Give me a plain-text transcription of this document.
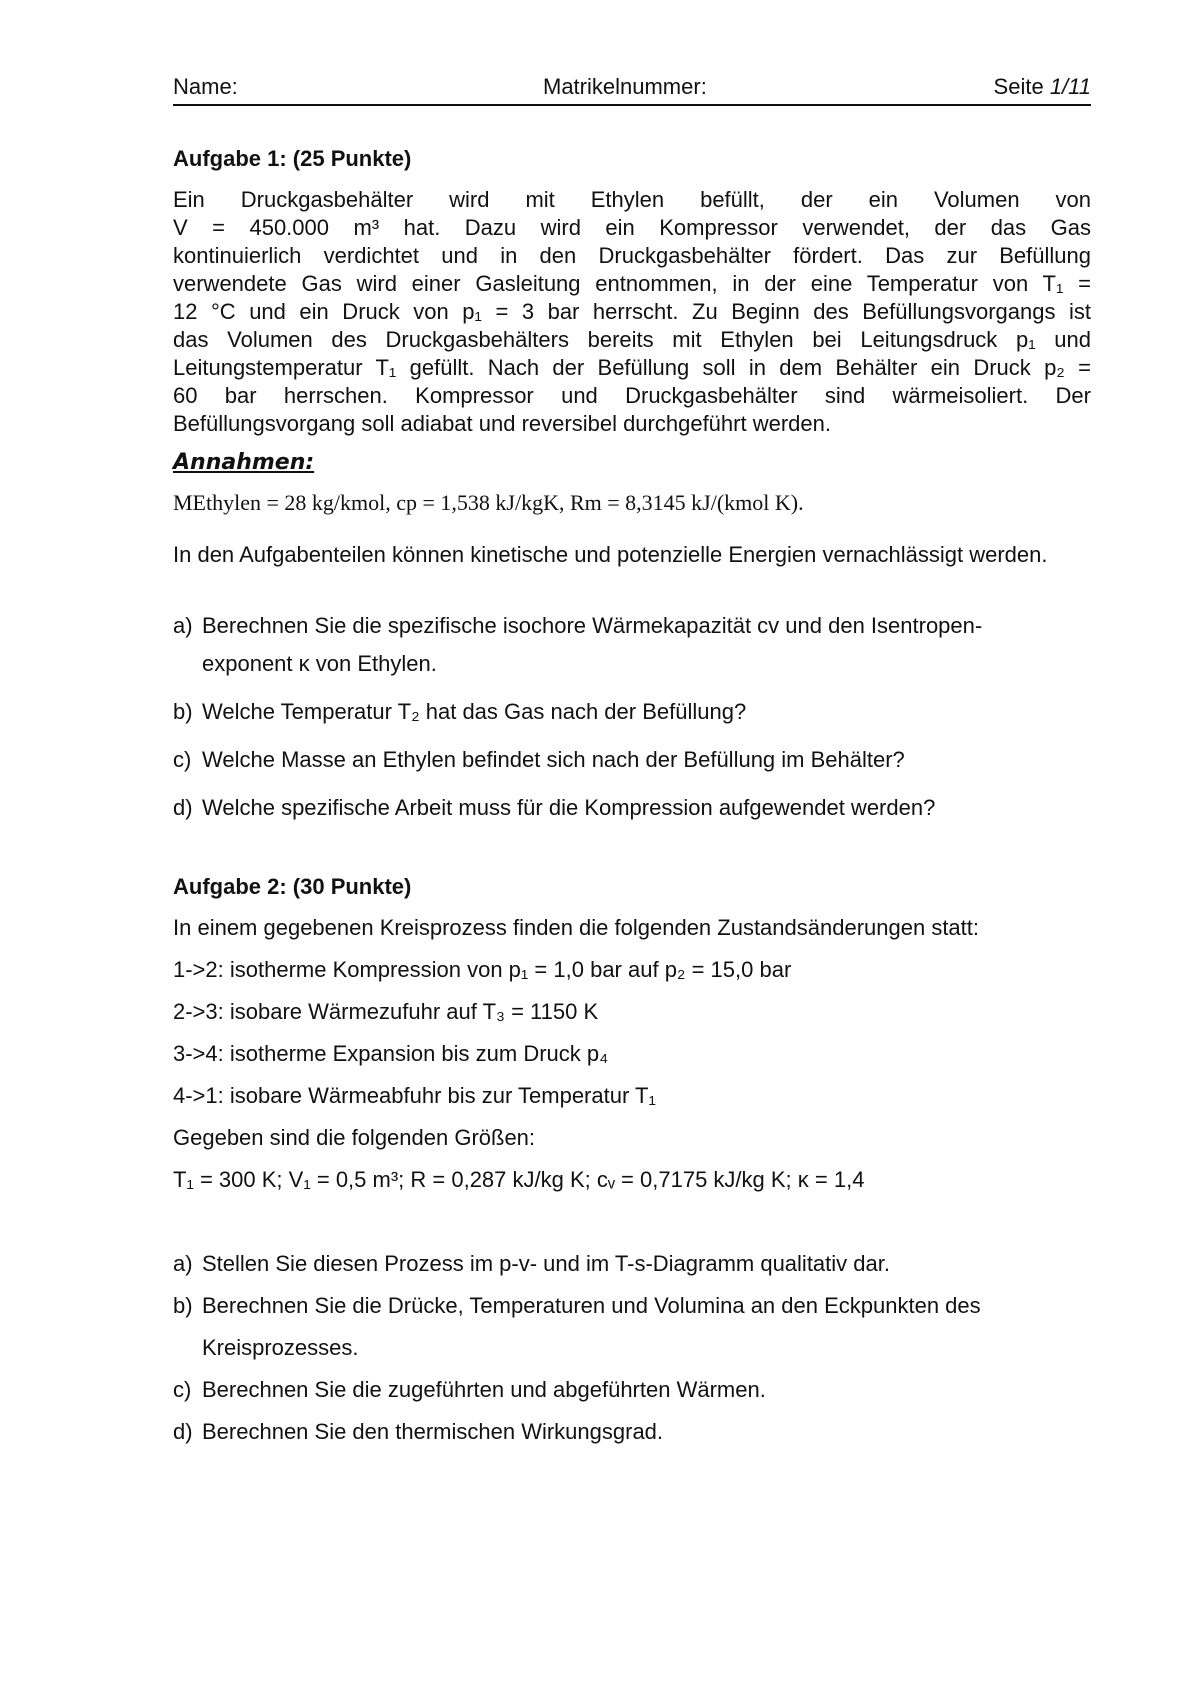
Name:	Matrikelnummer:	Seite 1/11
Aufgabe 1: (25 Punkte)

Ein Druckgasbehälter wird mit Ethylen befüllt, der ein Volumen von

V = 450.000 m³ hat. Dazu wird ein Kompressor verwendet, der das Gas

kontinuierlich verdichtet und in den Druckgasbehälter fördert. Das zur Befüllung

verwendete Gas wird einer Gasleitung entnommen, in der eine Temperatur von T₁ =

12 °C und ein Druck von p₁ = 3 bar herrscht. Zu Beginn des Befüllungsvorgangs ist

das Volumen des Druckgasbehälters bereits mit Ethylen bei Leitungsdruck p₁ und

Leitungstemperatur T₁ gefüllt. Nach der Befüllung soll in dem Behälter ein Druck p₂ =

60 bar herrschen. Kompressor und Druckgasbehälter sind wärmeisoliert. Der

Befüllungsvorgang soll adiabat und reversibel durchgeführt werden.

Annahmen:
MEthylen = 28 kg/kmol, cp = 1,538 kJ/kgK, Rm = 8,3145 kJ/(kmol K).
In den Aufgabenteilen können kinetische und potenzielle Energien vernachlässigt werden.
a) Berechnen Sie die spezifische isochore Wärmekapazität cv und den Isentropen-
exponent κ von Ethylen.
b) Welche Temperatur T₂ hat das Gas nach der Befüllung?
c) Welche Masse an Ethylen befindet sich nach der Befüllung im Behälter?
d) Welche spezifische Arbeit muss für die Kompression aufgewendet werden?
Aufgabe 2: (30 Punkte)
In einem gegebenen Kreisprozess finden die folgenden Zustandsänderungen statt:
1->2: isotherme Kompression von p₁ = 1,0 bar auf p₂ = 15,0 bar
2->3: isobare Wärmezufuhr auf T₃ = 1150 K
3->4: isotherme Expansion bis zum Druck p₄
4->1: isobare Wärmeabfuhr bis zur Temperatur T₁
Gegeben sind die folgenden Größen:
T₁ = 300 K; V₁ = 0,5 m³; R = 0,287 kJ/kg K; cᵥ = 0,7175 kJ/kg K; κ = 1,4
a) Stellen Sie diesen Prozess im p-v- und im T-s-Diagramm qualitativ dar.
b) Berechnen Sie die Drücke, Temperaturen und Volumina an den Eckpunkten des
Kreisprozesses.
c) Berechnen Sie die zugeführten und abgeführten Wärmen.
d) Berechnen Sie den thermischen Wirkungsgrad.
